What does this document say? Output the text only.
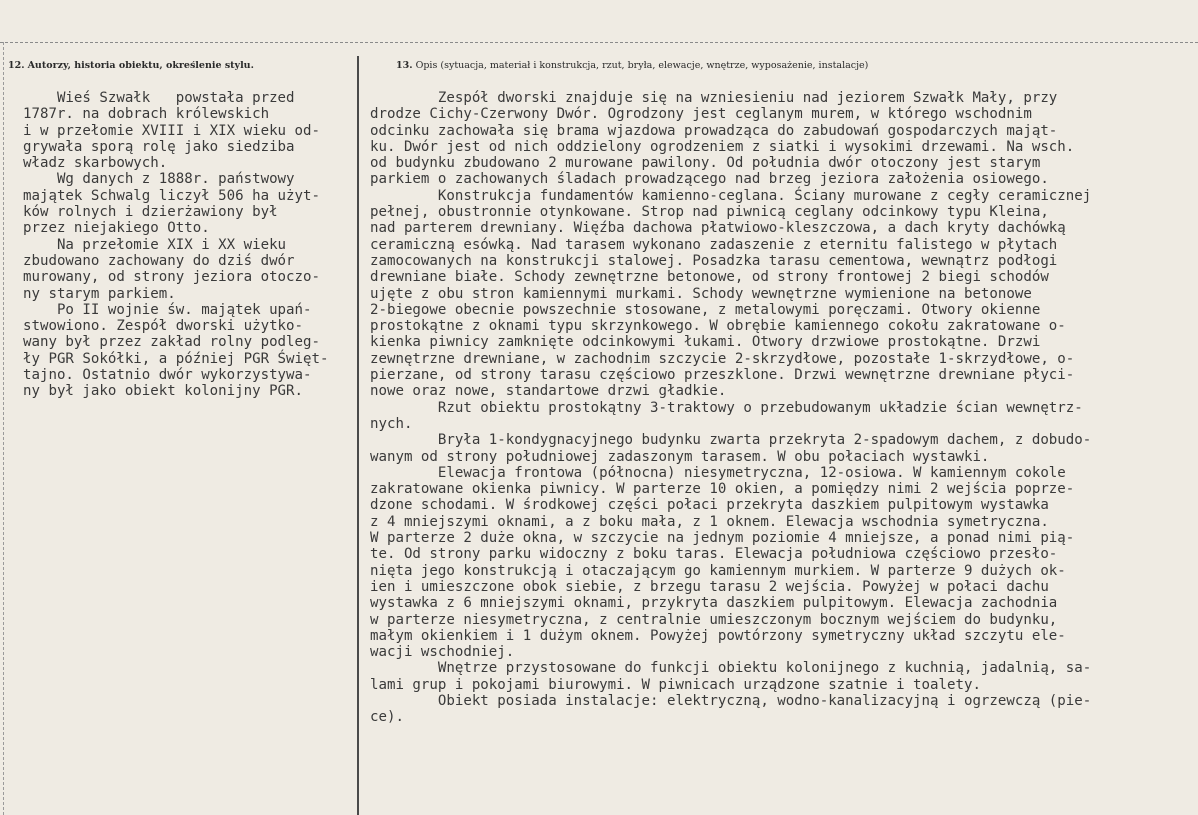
12. Autorzy, historia obiektu, określenie stylu.	13. Opis (sytuacja, materiał i konstrukcja, rzut, bryła, elewacje, wnętrze, wyposażenie, instalacje)
Wieś Szwałk   powstała przed
1787r. na dobrach królewskich
i w przełomie XVIII i XIX wieku od-
grywała sporą rolę jako siedziba
władz skarbowych.
Wg danych z 1888r. państwowy
majątek Schwalg liczył 506 ha użyt-
ków rolnych i dzierżawiony był
przez niejakiego Otto.
Na przełomie XIX i XX wieku
zbudowano zachowany do dziś dwór
murowany, od strony jeziora otoczo-
ny starym parkiem.
Po II wojnie św. majątek upań-
stwowiono. Zespół dworski użytko-
wany był przez zakład rolny podleg-
ły PGR Sokółki, a później PGR Święt-
tajno. Ostatnio dwór wykorzystywa-
ny był jako obiekt kolonijny PGR.
Zespół dworski znajduje się na wzniesieniu nad jeziorem Szwałk Mały, przy
drodze Cichy-Czerwony Dwór. Ogrodzony jest ceglanym murem, w którego wschodnim
odcinku zachowała się brama wjazdowa prowadząca do zabudowań gospodarczych mająt-
ku. Dwór jest od nich oddzielony ogrodzeniem z siatki i wysokimi drzewami. Na wsch.
od budynku zbudowano 2 murowane pawilony. Od południa dwór otoczony jest starym
parkiem o zachowanych śladach prowadzącego nad brzeg jeziora założenia osiowego.
Konstrukcja fundamentów kamienno-ceglana. Ściany murowane z cegły ceramicznej
pełnej, obustronnie otynkowane. Strop nad piwnicą ceglany odcinkowy typu Kleina,
nad parterem drewniany. Więźba dachowa płatwiowo-kleszczowa, a dach kryty dachówką
ceramiczną esówką. Nad tarasem wykonano zadaszenie z eternitu falistego w płytach
zamocowanych na konstrukcji stalowej. Posadzka tarasu cementowa, wewnątrz podłogi
drewniane białe. Schody zewnętrzne betonowe, od strony frontowej 2 biegi schodów
ujęte z obu stron kamiennymi murkami. Schody wewnętrzne wymienione na betonowe
2-biegowe obecnie powszechnie stosowane, z metalowymi poręczami. Otwory okienne
prostokątne z oknami typu skrzynkowego. W obrębie kamiennego cokołu zakratowane o-
kienka piwnicy zamknięte odcinkowymi łukami. Otwory drzwiowe prostokątne. Drzwi
zewnętrzne drewniane, w zachodnim szczycie 2-skrzydłowe, pozostałe 1-skrzydłowe, o-
pierzane, od strony tarasu częściowo przeszklone. Drzwi wewnętrzne drewniane płyci-
nowe oraz nowe, standartowe drzwi gładkie.
Rzut obiektu prostokątny 3-traktowy o przebudowanym układzie ścian wewnętrz-
nych.
Bryła 1-kondygnacyjnego budynku zwarta przekryta 2-spadowym dachem, z dobudo-
wanym od strony południowej zadaszonym tarasem. W obu połaciach wystawki.
Elewacja frontowa (północna) niesymetryczna, 12-osiowa. W kamiennym cokole
zakratowane okienka piwnicy. W parterze 10 okien, a pomiędzy nimi 2 wejścia poprze-
dzone schodami. W środkowej części połaci przekryta daszkiem pulpitowym wystawka
z 4 mniejszymi oknami, a z boku mała, z 1 oknem. Elewacja wschodnia symetryczna.
W parterze 2 duże okna, w szczycie na jednym poziomie 4 mniejsze, a ponad nimi pią-
te. Od strony parku widoczny z boku taras. Elewacja południowa częściowo przesło-
nięta jego konstrukcją i otaczającym go kamiennym murkiem. W parterze 9 dużych ok-
ien i umieszczone obok siebie, z brzegu tarasu 2 wejścia. Powyżej w połaci dachu
wystawka z 6 mniejszymi oknami, przykryta daszkiem pulpitowym. Elewacja zachodnia
w parterze niesymetryczna, z centralnie umieszczonym bocznym wejściem do budynku,
małym okienkiem i 1 dużym oknem. Powyżej powtórzony symetryczny układ szczytu ele-
wacji wschodniej.
Wnętrze przystosowane do funkcji obiektu kolonijnego z kuchnią, jadalnią, sa-
lami grup i pokojami biurowymi. W piwnicach urządzone szatnie i toalety.
Obiekt posiada instalacje: elektryczną, wodno-kanalizacyjną i ogrzewczą (pie-
ce).
